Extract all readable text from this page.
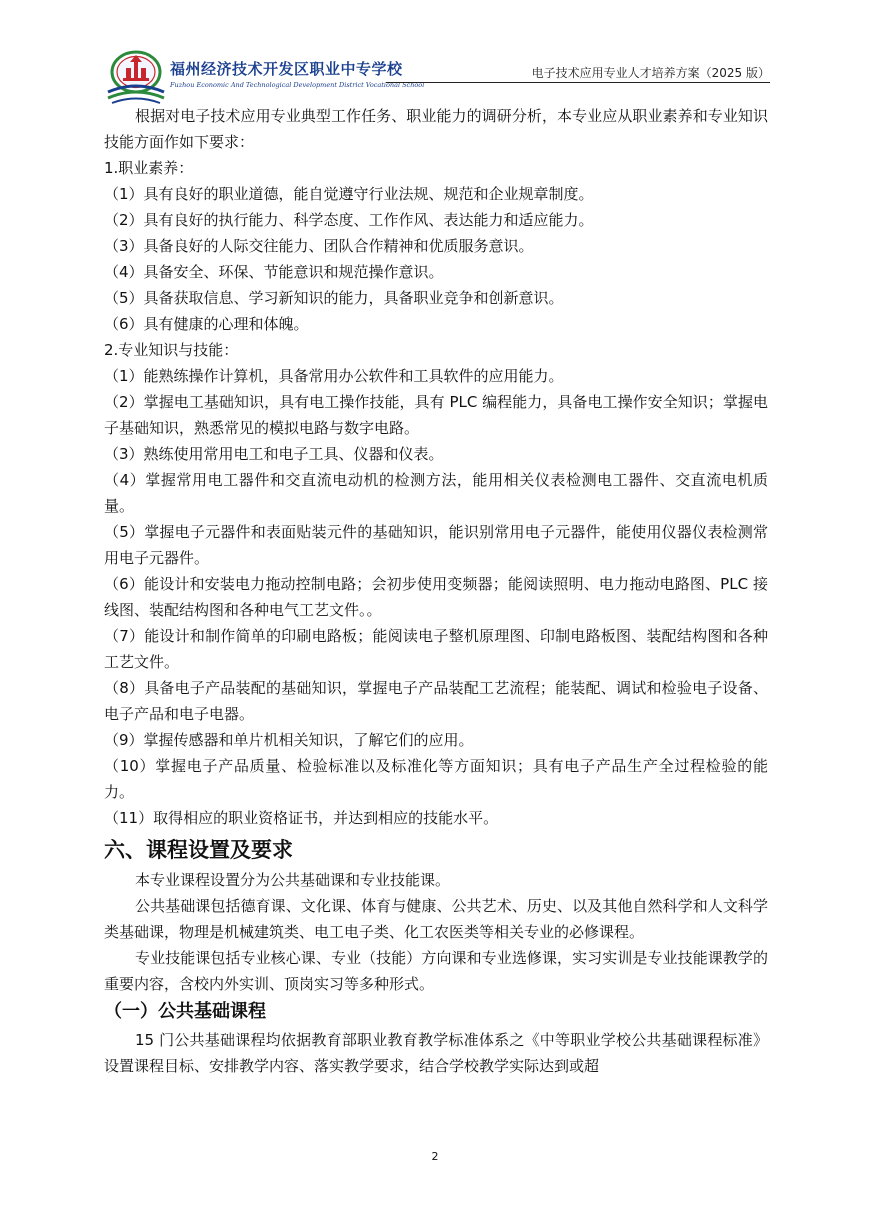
福州经济技术开发区职业中专学校
Fuzhou Economic And Technological Development District Vocational School
电子技术应用专业人才培养方案（2025 版）

根据对电子技术应用专业典型工作任务、职业能力的调研分析，本专业应从职业素养和专业知识技能方面作如下要求：

1.职业素养：

（1）具有良好的职业道德，能自觉遵守行业法规、规范和企业规章制度。

（2）具有良好的执行能力、科学态度、工作作风、表达能力和适应能力。

（3）具备良好的人际交往能力、团队合作精神和优质服务意识。

（4）具备安全、环保、节能意识和规范操作意识。

（5）具备获取信息、学习新知识的能力，具备职业竞争和创新意识。

（6）具有健康的心理和体魄。

2.专业知识与技能：

（1）能熟练操作计算机，具备常用办公软件和工具软件的应用能力。

（2）掌握电工基础知识，具有电工操作技能，具有 PLC 编程能力，具备电工操作安全知识；掌握电子基础知识，熟悉常见的模拟电路与数字电路。

（3）熟练使用常用电工和电子工具、仪器和仪表。

（4）掌握常用电工器件和交直流电动机的检测方法，能用相关仪表检测电工器件、交直流电机质量。

（5）掌握电子元器件和表面贴装元件的基础知识，能识别常用电子元器件，能使用仪器仪表检测常用电子元器件。

（6）能设计和安装电力拖动控制电路；会初步使用变频器；能阅读照明、电力拖动电路图、PLC 接线图、装配结构图和各种电气工艺文件。。

（7）能设计和制作简单的印刷电路板；能阅读电子整机原理图、印制电路板图、装配结构图和各种工艺文件。

（8）具备电子产品装配的基础知识，掌握电子产品装配工艺流程；能装配、调试和检验电子设备、电子产品和电子电器。

（9）掌握传感器和单片机相关知识，了解它们的应用。

（10）掌握电子产品质量、检验标准以及标准化等方面知识；具有电子产品生产全过程检验的能力。

（11）取得相应的职业资格证书，并达到相应的技能水平。

六、课程设置及要求

本专业课程设置分为公共基础课和专业技能课。

公共基础课包括德育课、文化课、体育与健康、公共艺术、历史、以及其他自然科学和人文科学类基础课，物理是机械建筑类、电工电子类、化工农医类等相关专业的必修课程。

专业技能课包括专业核心课、专业（技能）方向课和专业选修课，实习实训是专业技能课教学的重要内容，含校内外实训、顶岗实习等多种形式。

（一）公共基础课程

15 门公共基础课程均依据教育部职业教育教学标准体系之《中等职业学校公共基础课程标准》设置课程目标、安排教学内容、落实教学要求，结合学校教学实际达到或超

2
